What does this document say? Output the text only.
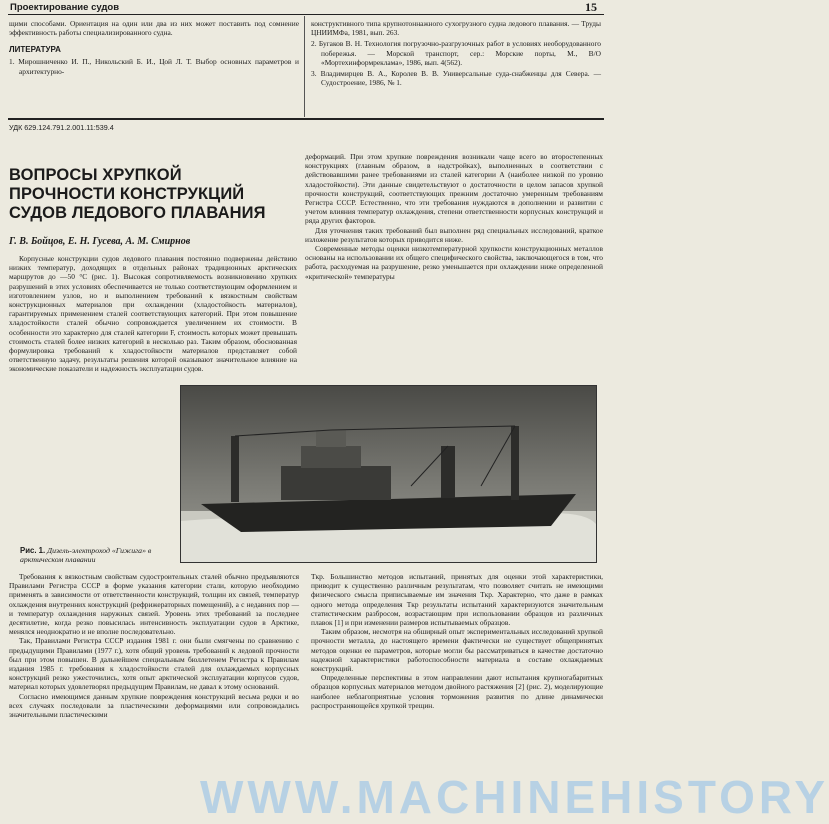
Проектирование судов	15

щими способами. Ориентация на один или два из них может поставить под сомнение эффективность работы специализированного судна.

ЛИТЕРАТУРА

1. Мирошниченко И. П., Никольский Б. И., Цой Л. Т. Выбор основных параметров и архитектурно-

конструктивного типа крупнотоннажного сухогрузного судна ледового плавания. — Труды ЦНИИМФа, 1981, вып. 263.

2. Бугаков В. Н. Технология погрузочно-разгрузочных работ в условиях необорудованного побережья. — Морской транспорт, сер.: Морские порты, М., В/О «Мортехинформреклама», 1986, вып. 4(562).

3. Владимирцев В. А., Королев В. В. Универсальные суда-снабженцы для Севера. — Судостроение, 1986, № 1.

УДК 629.124.791.2.001.11:539.4
ВОПРОСЫ ХРУПКОЙ ПРОЧНОСТИ КОНСТРУКЦИЙ СУДОВ ЛЕДОВОГО ПЛАВАНИЯ
Г. В. Бойцов, Е. Н. Гусева, А. М. Смирнов

Корпусные конструкции судов ледового плавания постоянно подвержены действию низких температур, доходящих в отдельных районах традиционных арктических маршрутов до —50 °С (рис. 1). Высокая сопротивляемость возникновению хрупких разрушений в этих условиях обеспечивается не только соответствующим оформлением и изготовлением узлов, но и выполнением требований к вязкостным свойствам конструкционных материалов при охлаждении (хладостойкость материалов), гарантируемых применением сталей соответствующих категорий. При этом повышение хладостойкости сталей обычно сопровождается увеличением их стоимости. В особенности это характерно для сталей категории F, стоимость которых может превышать стоимость сталей более низких категорий в несколько раз. Таким образом, обоснованная формулировка требований к хладостойкости материалов представляет собой ответственную задачу, результаты решения которой оказывают значительное влияние на экономические показатели и надежность эксплуатации судов.

деформаций. При этом хрупкие повреждения возникали чаще всего во второстепенных конструкциях (главным образом, в надстройках), выполненных в соответствии с действовавшими ранее требованиями из сталей категории А (наиболее низкой по уровню хладостойкости). Эти данные свидетельствуют о достаточности в целом запасов хрупкой прочности конструкций, соответствующих прежним достаточно умеренным требованиям Регистра СССР. Естественно, что эти требования нуждаются в дополнении и развитии с учетом влияния температур охлаждения, степени ответственности корпусных конструкций и ряда других факторов.

Для уточнения таких требований был выполнен ряд специальных исследований, краткое изложение результатов которых приводится ниже.

Современные методы оценки низкотемпературной хрупкости конструкционных металлов основаны на использовании их общего специфического свойства, заключающегося в том, что работа, расходуемая на разрушение, резко уменьшается при охлаждении ниже определенной «критической» температуры

Рис. 1. Дизель-электроход «Гижига» в арктическом плавании

Требования к вязкостным свойствам судостроительных сталей обычно предъявляются Правилами Регистра СССР в форме указания категории стали, которую необходимо применять в зависимости от ответственности конструкций, толщин их связей, температур охлаждения внутренних конструкций (рефрижераторных помещений), а с недавних пор — и температур охлаждения наружных связей. Уровень этих требований за последнее десятилетие, когда резко повысилась интенсивность эксплуатации судов в Арктике, менялся неоднократно и не вполне последовательно.

Так, Правилами Регистра СССР издания 1981 г. они были смягчены по сравнению с предыдущими Правилами (1977 г.), хотя общий уровень требований к ледовой прочности был при этом повышен. В дальнейшем специальным бюллетенем Регистра к Правилам издания 1985 г. требования к хладостойкости сталей для охлаждаемых корпусных конструкций резко ужесточились, хотя опыт арктической эксплуатации корпусов судов, материал которых удовлетворял предыдущим Правилам, не давал к этому оснований.

Согласно имеющимся данным хрупкие повреждения конструкций весьма редки и во всех случаях последовали за пластическими деформациями или сопровождались значительными пластическими

Tкр. Большинство методов испытаний, принятых для оценки этой характеристики, приводит к существенно различным результатам, что позволяет считать не имеющими физического смысла приписываемые им значения Tкр. Характерно, что даже в рамках одного метода определения Tкр результаты испытаний характеризуются значительным статистическим разбросом, возрастающим при использовании образцов из различных плавок [1] и при изменении размеров испытываемых образцов.

Таким образом, несмотря на обширный опыт экспериментальных исследований хрупкой прочности металла, до настоящего времени фактически не существует общепринятых методов оценки ее параметров, которые могли бы рассматриваться в качестве достаточно надежной характеристики работоспособности материала в составе охлаждаемых конструкций.

Определенные перспективы в этом направлении дают испытания крупногабаритных образцов корпусных материалов методом двойного растяжения [2] (рис. 2), моделирующие наиболее неблагоприятные условия торможения развития по длине динамически распространяющейся хрупкой трещин.

WWW.MACHINEHISTORY
